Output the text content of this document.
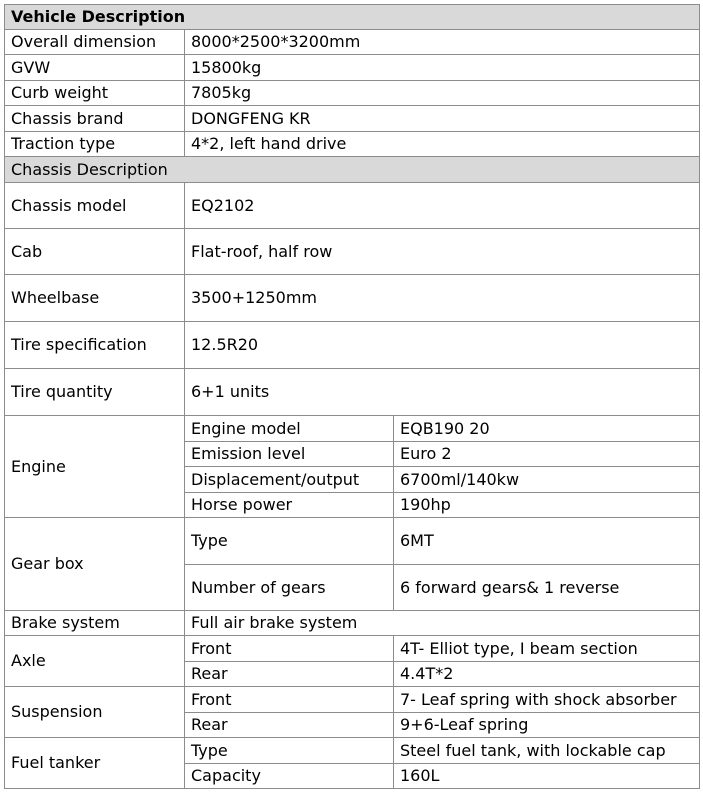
Vehicle Description		
Overall dimension	8000*2500*3200mm	
GVW	15800kg	
Curb weight	7805kg	
Chassis brand	DONGFENG KR	
Traction type	4*2, left hand drive	
Chassis Description		
Chassis model	EQ2102	
Cab	Flat-roof, half row	
Wheelbase	3500+1250mm	
Tire specification	12.5R20	
Tire quantity	6+1 units	
Engine	Engine model	EQB190 20
	Emission level	Euro 2
	Displacement/output	6700ml/140kw
	Horse power	190hp
Gear box	Type	6MT
	Number of gears	6 forward gears& 1 reverse
Brake system	Full air brake system	
Axle	Front	4T- Elliot type, I beam section
	Rear	4.4T*2
Suspension	Front	7- Leaf spring with shock absorber
	Rear	9+6-Leaf spring
Fuel tanker	Type	Steel fuel tank, with lockable cap
	Capacity	160L
